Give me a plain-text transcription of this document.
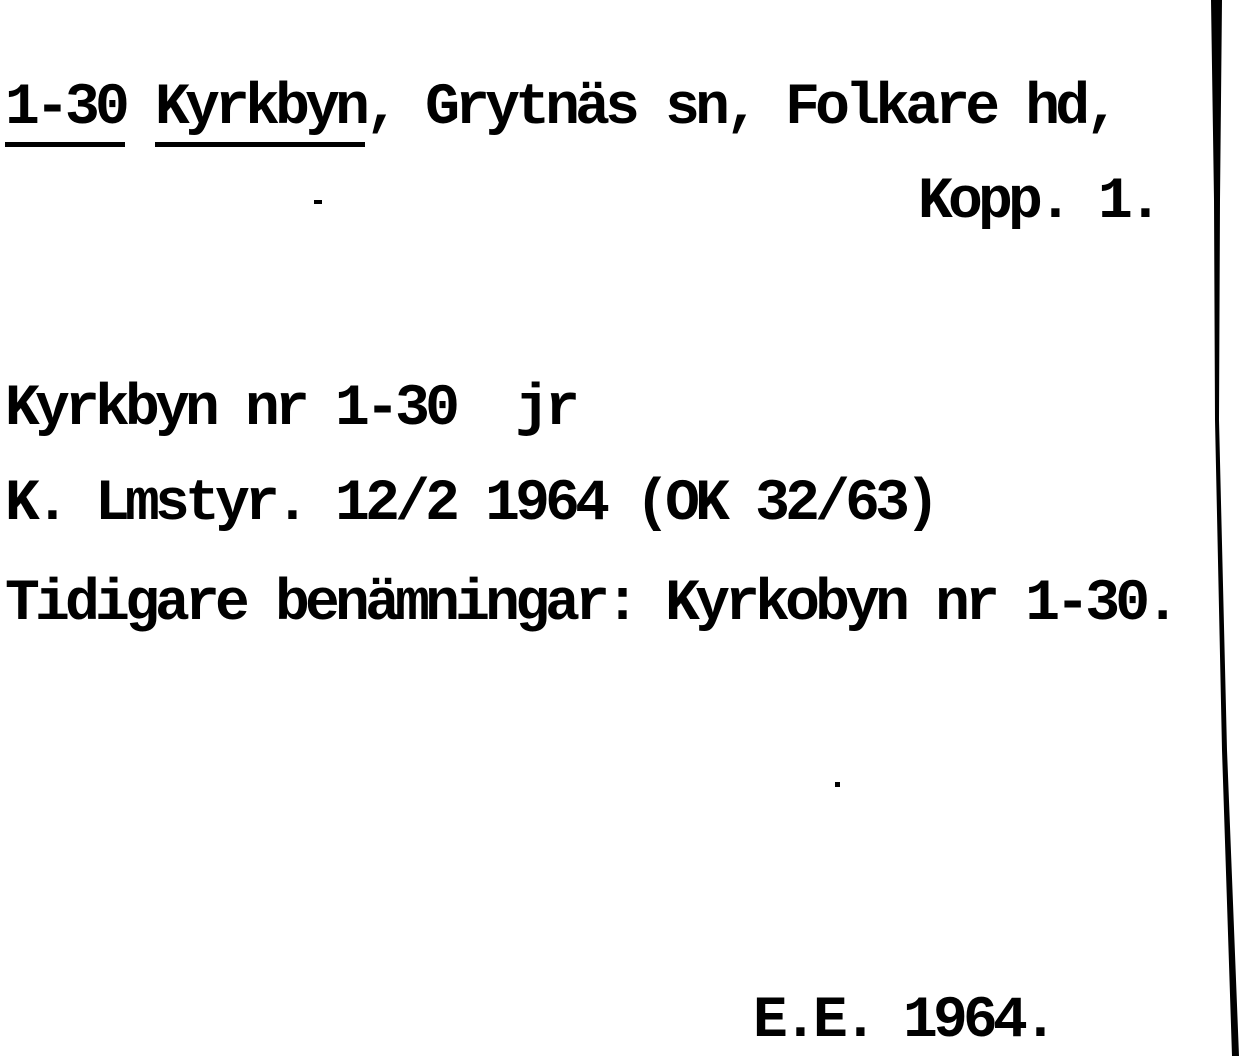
1-30 Kyrkbyn, Grytnäs sn, Folkare hd,
Kopp. 1.
Kyrkbyn nr 1-30  jr
K. Lmstyr. 12/2 1964 (OK 32/63)
Tidigare benämningar: Kyrkobyn nr 1-30.
E.E. 1964.
